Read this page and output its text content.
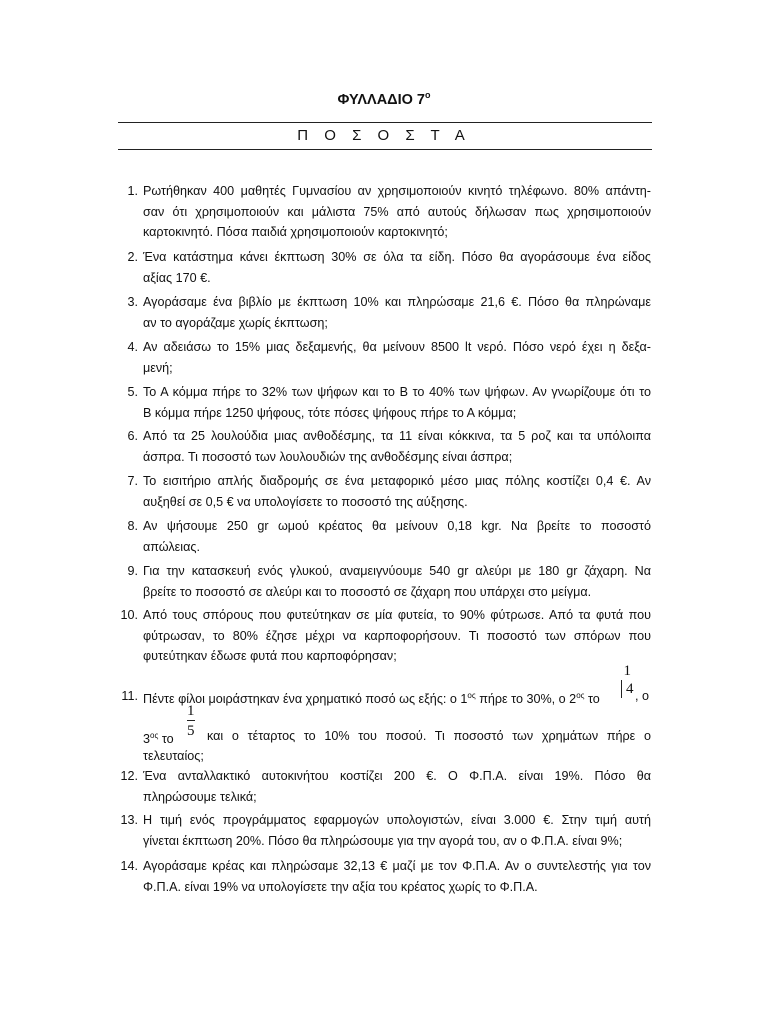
ΦΥΛΛΑΔΙΟ $7^o$
Π Ο Σ Ο Σ Τ Α
1. Ρωτήθηκαν 400 μαθητές Γυμνασίου αν χρησιμοποιούν κινητό τηλέφωνο. 80% απάντη-
σαν ότι χρησιμοποιούν και μάλιστα 75% από αυτούς δήλωσαν πως χρησιμοποιούν
καρτοκινητό. Πόσα παιδιά χρησιμοποιούν καρτοκινητό;
2. Ένα κατάστημα κάνει έκπτωση 30% σε όλα τα είδη. Πόσο θα αγοράσουμε ένα είδος
αξίας 170 €.
3. Αγοράσαμε ένα βιβλίο με έκπτωση 10% και πληρώσαμε 21,6 €. Πόσο θα πληρώναμε
αν το αγοράζαμε χωρίς έκπτωση;
4. Αν αδειάσω το 15% μιας δεξαμενής, θα μείνουν 8500 lt νερό. Πόσο νερό έχει η δεξα-
μενή;
5. Το Α κόμμα πήρε το 32% των ψήφων και το Β το 40% των ψήφων. Αν γνωρίζουμε ότι το
Β κόμμα πήρε 1250 ψήφους, τότε πόσες ψήφους πήρε το Α κόμμα;
6. Από τα 25 λουλούδια μιας ανθοδέσμης, τα 11 είναι κόκκινα, τα 5 ροζ και τα υπόλοιπα
άσπρα. Τι ποσοστό των λουλουδιών της ανθοδέσμης είναι άσπρα;
7. Το εισιτήριο απλής διαδρομής σε ένα μεταφορικό μέσο μιας πόλης κοστίζει 0,4 €. Αν
αυξηθεί σε 0,5 € να υπολογίσετε το ποσοστό της αύξησης.
8. Αν ψήσουμε 250 gr ωμού κρέατος θα μείνουν 0,18 kgr. Να βρείτε το ποσοστό
απώλειας.
9. Για την κατασκευή ενός γλυκού, αναμειγνύουμε 540 gr αλεύρι με 180 gr ζάχαρη. Να
βρείτε το ποσοστό σε αλεύρι και το ποσοστό σε ζάχαρη που υπάρχει στο μείγμα.
10. Από τους σπόρους που φυτεύτηκαν σε μία φυτεία, το 90% φύτρωσε. Από τα φυτά που
φύτρωσαν, το 80% έζησε μέχρι να καρποφορήσουν. Τι ποσοστό των σπόρων που
φυτεύτηκαν έδωσε φυτά που καρποφόρησαν;
11. Πέντε φίλοι μοιράστηκαν ένα χρηματικό ποσό ως εξής: ο $1^{o\varsigma}$ πήρε το 30%, ο $2^{o\varsigma}$ το
1
4 , ο
$3^{o\varsigma}$ το $\frac{1}{5}$ και ο τέταρτος το 10% του ποσού. Τι ποσοστό των χρημάτων πήρε ο
τελευταίος;
12. Ένα ανταλλακτικό αυτοκινήτου κοστίζει 200 €. Ο Φ.Π.Α. είναι 19%. Πόσο θα
πληρώσουμε τελικά;
13. Η τιμή ενός προγράμματος εφαρμογών υπολογιστών, είναι 3.000 €. Στην τιμή αυτή
γίνεται έκπτωση 20%. Πόσο θα πληρώσουμε για την αγορά του, αν ο Φ.Π.Α. είναι 9%;
14. Αγοράσαμε κρέας και πληρώσαμε 32,13 € μαζί με τον Φ.Π.Α. Αν ο συντελεστής για τον
Φ.Π.Α. είναι 19% να υπολογίσετε την αξία του κρέατος χωρίς το Φ.Π.Α.
